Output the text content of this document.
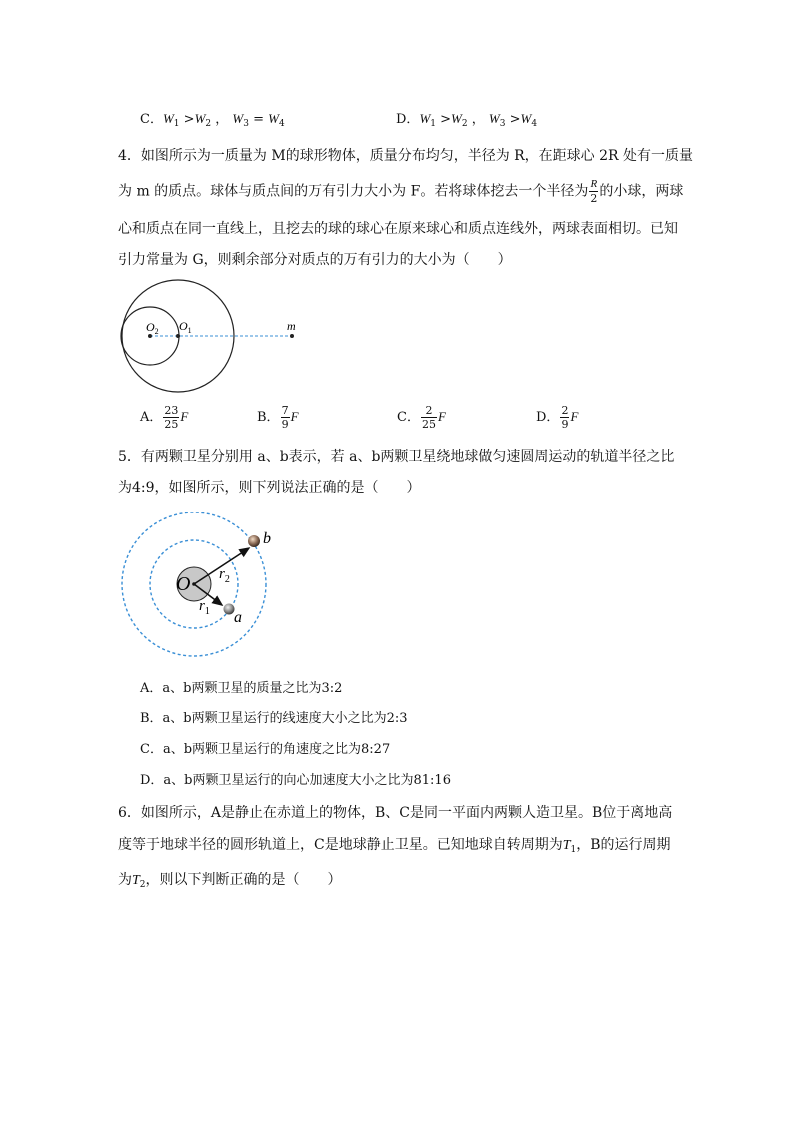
C．$W_1 >W_2$ ， $W_3 = W_4$	D．$W_1 >W_2$ ， $W_3 >W_4$
4．如图所示为一质量为 M的球形物体，质量分布均匀，半径为 R，在距球心 2R 处有一质量
为 m 的质点。球体与质点间的万有引力大小为 F。若将球体挖去一个半径为 $\frac{R}{2}$ 的小球，两球
心和质点在同一直线上，且挖去的球的球心在原来球心和质点连线外，两球表面相切。已知
引力常量为 G，则剩余部分对质点的万有引力的大小为（　　）
$O_2$ $O_1$	m
A． $\frac{23}{25}$ F	B． $\frac{7}{9}$ F	C． $\frac{2}{25}$ F	D． $\frac{2}{9}$ F
5．有两颗卫星分别用 a、b表示，若 a、b两颗卫星绕地球做匀速圆周运动的轨道半径之比
为4:9，如图所示，则下列说法正确的是（　　）
O $r_2$
$r_1$ a
b
A．a、b两颗卫星的质量之比为3:2
B．a、b两颗卫星运行的线速度大小之比为2:3
C．a、b两颗卫星运行的角速度之比为8:27
D．a、b两颗卫星运行的向心加速度大小之比为81:16
6．如图所示，A是静止在赤道上的物体，B、C是同一平面内两颗人造卫星。B位于离地高
度等于地球半径的圆形轨道上，C是地球静止卫星。已知地球自转周期为$T_1$，B的运行周期
为$T_2$，则以下判断正确的是（　　）
